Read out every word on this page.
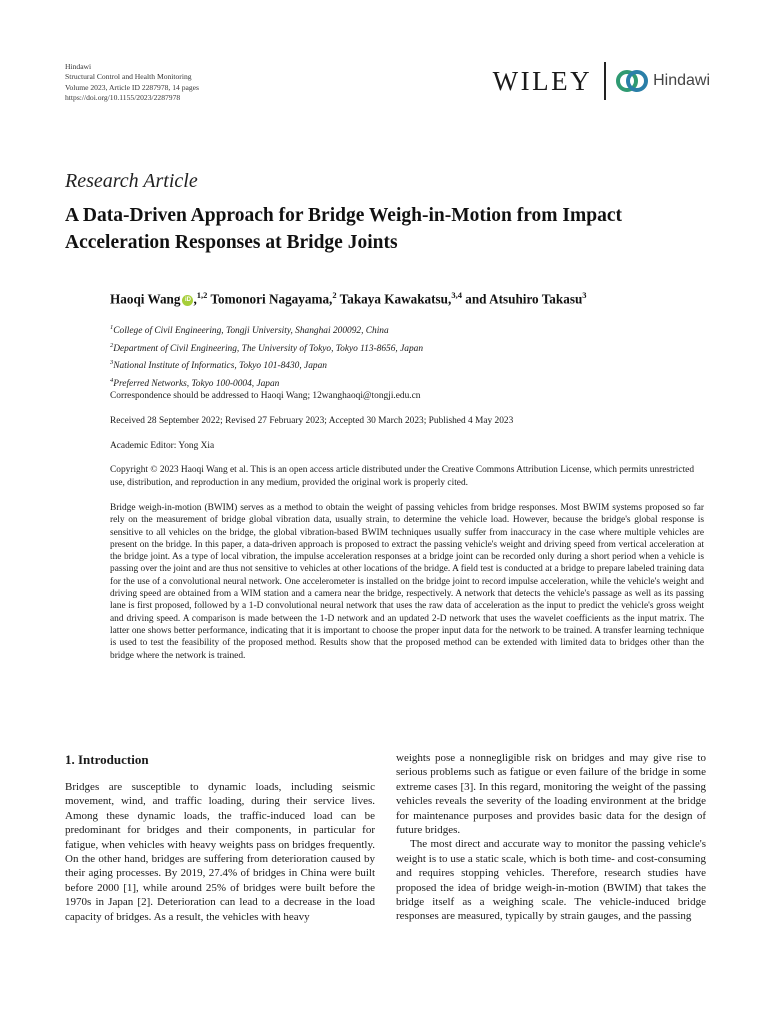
Hindawi
Structural Control and Health Monitoring
Volume 2023, Article ID 2287978, 14 pages
https://doi.org/10.1155/2023/2287978
WILEY	Hindawi
Research Article
A Data-Driven Approach for Bridge Weigh-in-Motion from Impact Acceleration Responses at Bridge Joints
Haoqi Wang iD ,$^{1,2}$ Tomonori Nagayama,$^2$ Takaya Kawakatsu,$^{3,4}$ and Atsuhiro Takasu$^3$
$^1$College of Civil Engineering, Tongji University, Shanghai 200092, China
$^2$Department of Civil Engineering, The University of Tokyo, Tokyo 113-8656, Japan
$^3$National Institute of Informatics, Tokyo 101-8430, Japan
$^4$Preferred Networks, Tokyo 100-0004, Japan
Correspondence should be addressed to Haoqi Wang; 12wanghaoqi@tongji.edu.cn
Received 28 September 2022; Revised 27 February 2023; Accepted 30 March 2023; Published 4 May 2023
Academic Editor: Yong Xia
Copyright © 2023 Haoqi Wang et al. This is an open access article distributed under the Creative Commons Attribution License, which permits unrestricted use, distribution, and reproduction in any medium, provided the original work is properly cited.
Bridge weigh-in-motion (BWIM) serves as a method to obtain the weight of passing vehicles from bridge responses. Most BWIM systems proposed so far rely on the measurement of bridge global vibration data, usually strain, to determine the vehicle load. However, because the bridge's global response is sensitive to all vehicles on the bridge, the global vibration-based BWIM techniques usually suffer from inaccuracy in the case where multiple vehicles are present on the bridge. In this paper, a data-driven approach is proposed to extract the passing vehicle's weight and driving speed from vertical acceleration at the bridge joint. As a type of local vibration, the impulse acceleration responses at a bridge joint can be recorded only during a short period when a vehicle is passing over the joint and are thus not sensitive to vehicles at other locations of the bridge. A field test is conducted at a bridge to prepare labeled training data for the use of a convolutional neural network. One accelerometer is installed on the bridge joint to record impulse acceleration, while the vehicle's weight and driving speed are obtained from a WIM station and a camera near the bridge, respectively. A network that detects the vehicle's passage as well as its passing lane is first proposed, followed by a 1-D convolutional neural network that uses the raw data of acceleration as the input to predict the vehicle's gross weight and driving speed. A comparison is made between the 1-D network and an updated 2-D network that uses the wavelet coefficients as the input matrix. The latter one shows better performance, indicating that it is important to choose the proper input data for the network to be trained. A transfer learning technique is used to test the feasibility of the proposed method. Results show that the proposed method can be extended with limited data to bridges other than the bridge where the network is trained.
1. Introduction

Bridges are susceptible to dynamic loads, including seismic movement, wind, and traffic loading, during their service lives. Among these dynamic loads, the traffic-induced load can be predominant for bridges and their components, in particular for fatigue, when vehicles with heavy weights pass on bridges frequently. On the other hand, bridges are suffering from deterioration caused by their aging processes. By 2019, 27.4% of bridges in China were built before 2000 [1], while around 25% of bridges were built before the 1970s in Japan [2]. Deterioration can lead to a decrease in the load capacity of bridges. As a result, the vehicles with heavy

weights pose a nonnegligible risk on bridges and may give rise to serious problems such as fatigue or even failure of the bridge in some extreme cases [3]. In this regard, monitoring the weight of the passing vehicles reveals the severity of the loading environment at the bridge for maintenance purposes and provides basic data for the design of future bridges.

The most direct and accurate way to monitor the passing vehicle's weight is to use a static scale, which is both time- and cost-consuming and requires stopping vehicles. Therefore, research studies have proposed the idea of bridge weigh-in-motion (BWIM) that takes the bridge itself as a weighing scale. The vehicle-induced bridge responses are measured, typically by strain gauges, and the passing
